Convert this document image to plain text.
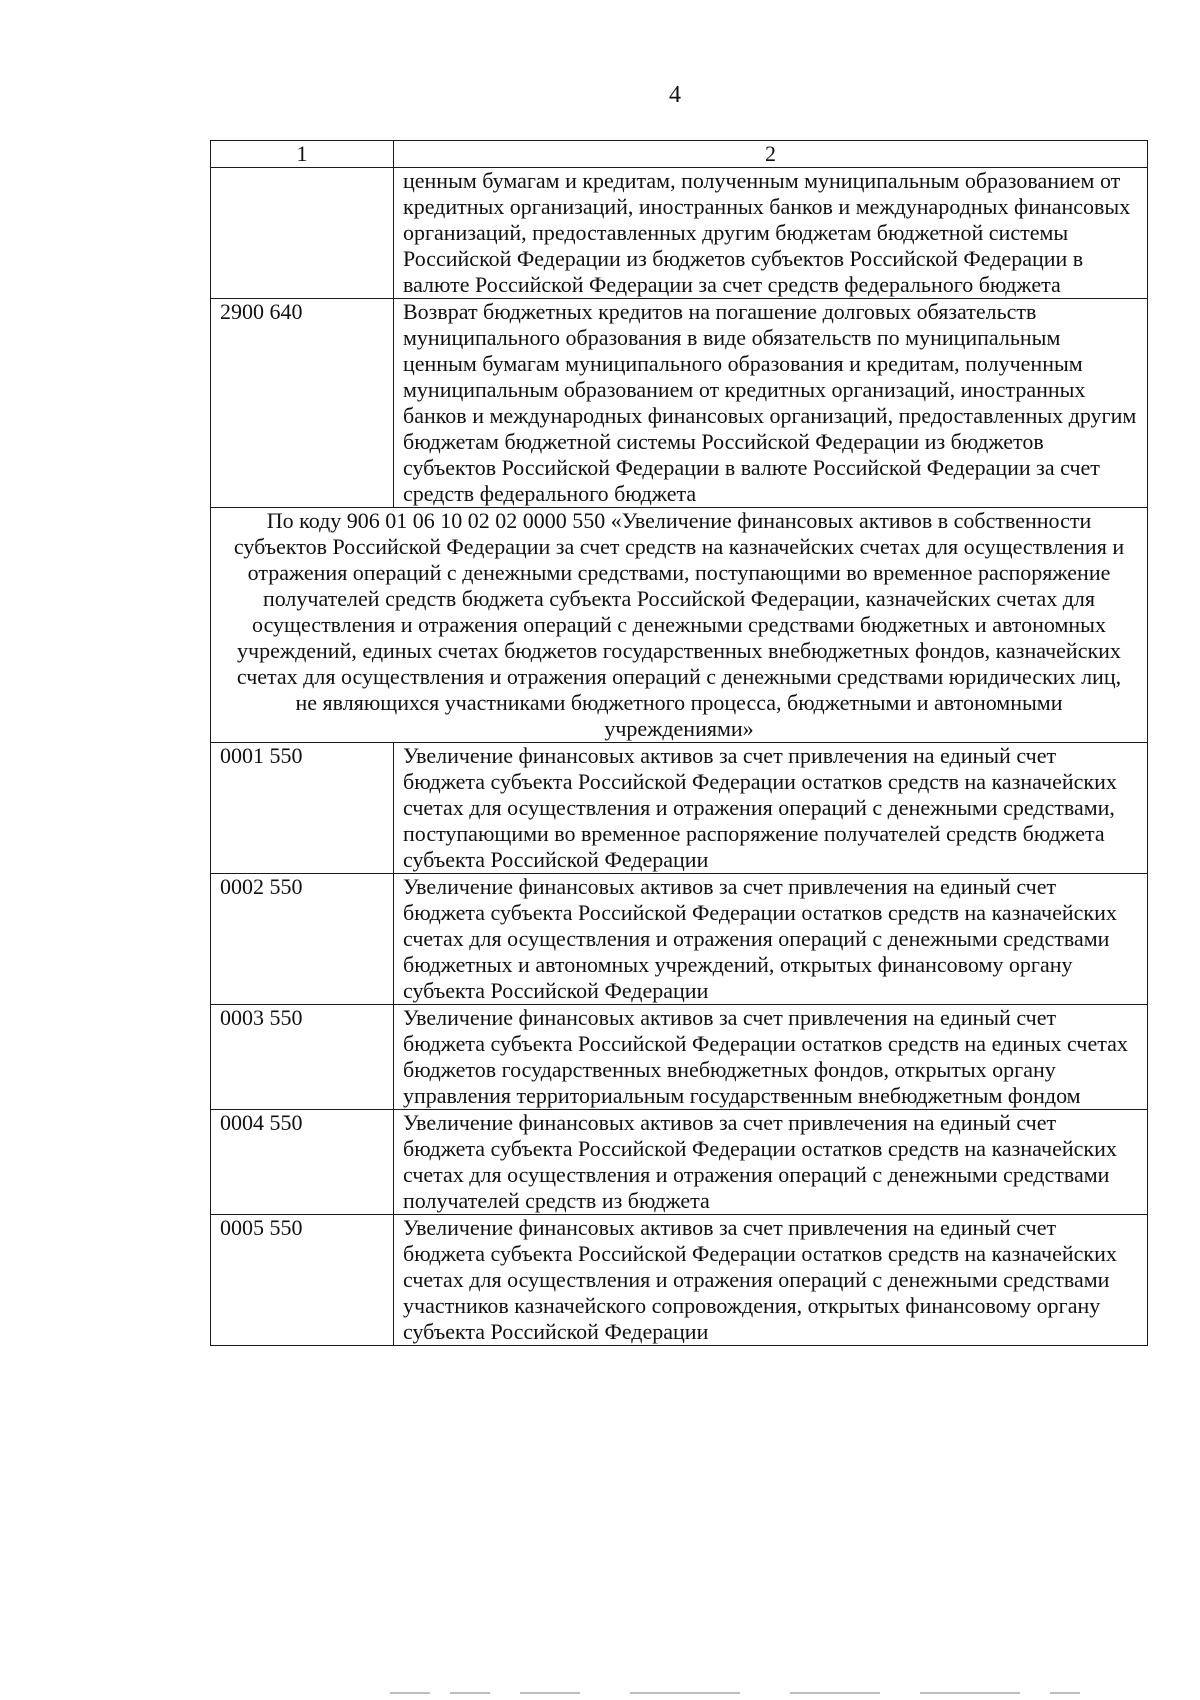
4
1	2
	ценным бумагам и кредитам, полученным муниципальным образованием от кредитных организаций, иностранных банков и международных финансовых организаций, предоставленных другим бюджетам бюджетной системы Российской Федерации из бюджетов субъектов Российской Федерации в валюте Российской Федерации за счет средств федерального бюджета
2900 640	Возврат бюджетных кредитов на погашение долговых обязательств муниципального образования в виде обязательств по муниципальным ценным бумагам муниципального образования и кредитам, полученным муниципальным образованием от кредитных организаций, иностранных банков и международных финансовых организаций, предоставленных другим бюджетам бюджетной системы Российской Федерации из бюджетов субъектов Российской Федерации в валюте Российской Федерации за счет средств федерального бюджета
По коду 906 01 06 10 02 02 0000 550 «Увеличение финансовых активов в собственности субъектов Российской Федерации за счет средств на казначейских счетах для осуществления и отражения операций с денежными средствами, поступающими во временное распоряжение получателей средств бюджета субъекта Российской Федерации, казначейских счетах для осуществления и отражения операций с денежными средствами бюджетных и автономных учреждений, единых счетах бюджетов государственных внебюджетных фондов, казначейских счетах для осуществления и отражения операций с денежными средствами юридических лиц, не являющихся участниками бюджетного процесса, бюджетными и автономными учреждениями»	
0001 550	Увеличение финансовых активов за счет привлечения на единый счет бюджета субъекта Российской Федерации остатков средств на казначейских счетах для осуществления и отражения операций с денежными средствами, поступающими во временное распоряжение получателей средств бюджета субъекта Российской Федерации
0002 550	Увеличение финансовых активов за счет привлечения на единый счет бюджета субъекта Российской Федерации остатков средств на казначейских счетах для осуществления и отражения операций с денежными средствами бюджетных и автономных учреждений, открытых финансовому органу субъекта Российской Федерации
0003 550	Увеличение финансовых активов за счет привлечения на единый счет бюджета субъекта Российской Федерации остатков средств на единых счетах бюджетов государственных внебюджетных фондов, открытых органу управления территориальным государственным внебюджетным фондом
0004 550	Увеличение финансовых активов за счет привлечения на единый счет бюджета субъекта Российской Федерации остатков средств на казначейских счетах для осуществления и отражения операций с денежными средствами получателей средств из бюджета
0005 550	Увеличение финансовых активов за счет привлечения на единый счет бюджета субъекта Российской Федерации остатков средств на казначейских счетах для осуществления и отражения операций с денежными средствами участников казначейского сопровождения, открытых финансовому органу субъекта Российской Федерации
